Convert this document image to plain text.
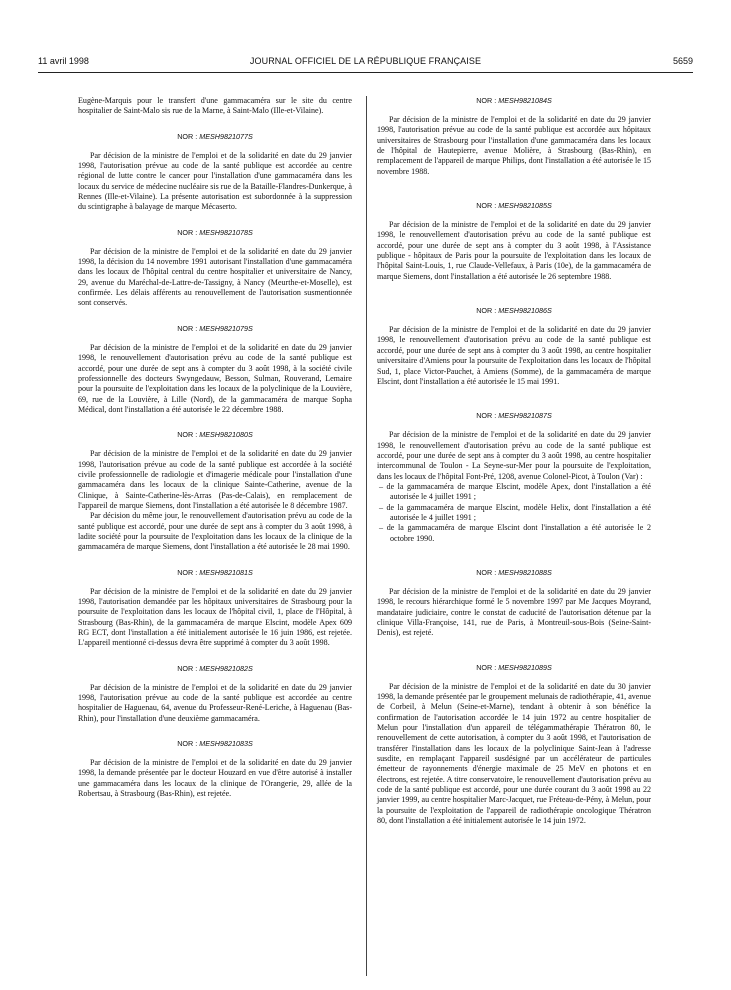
11 avril 1998	JOURNAL OFFICIEL DE LA RÉPUBLIQUE FRANÇAISE	5659

Eugène-Marquis pour le transfert d'une gammacaméra sur le site du centre hospitalier de Saint-Malo sis rue de la Marne, à Saint-Malo (Ille-et-Vilaine).

NOR : MESH9821077S

Par décision de la ministre de l'emploi et de la solidarité en date du 29 janvier 1998, l'autorisation prévue au code de la santé publique est accordée au centre régional de lutte contre le cancer pour l'installation d'une gammacaméra dans les locaux du service de médecine nucléaire sis rue de la Bataille-Flandres-Dunkerque, à Rennes (Ille-et-Vilaine). La présente autorisation est subordonnée à la suppression du scintigraphe à balayage de marque Mécaserto.

NOR : MESH9821078S

Par décision de la ministre de l'emploi et de la solidarité en date du 29 janvier 1998, la décision du 14 novembre 1991 autorisant l'installation d'une gammacaméra dans les locaux de l'hôpital central du centre hospitalier et universitaire de Nancy, 29, avenue du Maréchal-de-Lattre-de-Tassigny, à Nancy (Meurthe-et-Moselle), est confirmée. Les délais afférents au renouvellement de l'autorisation susmentionnée sont conservés.

NOR : MESH9821079S

Par décision de la ministre de l'emploi et de la solidarité en date du 29 janvier 1998, le renouvellement d'autorisation prévu au code de la santé publique est accordé, pour une durée de sept ans à compter du 3 août 1998, à la société civile professionnelle des docteurs Swyngedauw, Besson, Sulman, Rouverand, Lemaire pour la poursuite de l'exploitation dans les locaux de la polyclinique de la Louvière, 69, rue de la Louvière, à Lille (Nord), de la gammacaméra de marque Sopha Médical, dont l'installation a été autorisée le 22 décembre 1988.

NOR : MESH9821080S

Par décision de la ministre de l'emploi et de la solidarité en date du 29 janvier 1998, l'autorisation prévue au code de la santé publique est accordée à la société civile professionnelle de radiologie et d'imagerie médicale pour l'installation d'une gammacaméra dans les locaux de la clinique Sainte-Catherine, avenue de la Clinique, à Sainte-Catherine-lès-Arras (Pas-de-Calais), en remplacement de l'appareil de marque Siemens, dont l'installation a été autorisée le 8 décembre 1987.

Par décision du même jour, le renouvellement d'autorisation prévu au code de la santé publique est accordé, pour une durée de sept ans à compter du 3 août 1998, à ladite société pour la poursuite de l'exploitation dans les locaux de la clinique de la gammacaméra de marque Siemens, dont l'installation a été autorisée le 28 mai 1990.

NOR : MESH9821081S

Par décision de la ministre de l'emploi et de la solidarité en date du 29 janvier 1998, l'autorisation demandée par les hôpitaux universitaires de Strasbourg pour la poursuite de l'exploitation dans les locaux de l'hôpital civil, 1, place de l'Hôpital, à Strasbourg (Bas-Rhin), de la gammacaméra de marque Elscint, modèle Apex 609 RG ECT, dont l'installation a été initialement autorisée le 16 juin 1986, est rejetée. L'appareil mentionné ci-dessus devra être supprimé à compter du 3 août 1998.

NOR : MESH9821082S

Par décision de la ministre de l'emploi et de la solidarité en date du 29 janvier 1998, l'autorisation prévue au code de la santé publique est accordée au centre hospitalier de Haguenau, 64, avenue du Professeur-René-Leriche, à Haguenau (Bas-Rhin), pour l'installation d'une deuxième gammacaméra.

NOR : MESH9821083S

Par décision de la ministre de l'emploi et de la solidarité en date du 29 janvier 1998, la demande présentée par le docteur Houzard en vue d'être autorisé à installer une gammacaméra dans les locaux de la clinique de l'Orangerie, 29, allée de la Robertsau, à Strasbourg (Bas-Rhin), est rejetée.

NOR : MESH9821084S

Par décision de la ministre de l'emploi et de la solidarité en date du 29 janvier 1998, l'autorisation prévue au code de la santé publique est accordée aux hôpitaux universitaires de Strasbourg pour l'installation d'une gammacaméra dans les locaux de l'hôpital de Hautepierre, avenue Molière, à Strasbourg (Bas-Rhin), en remplacement de l'appareil de marque Philips, dont l'installation a été autorisée le 15 novembre 1988.

NOR : MESH9821085S

Par décision de la ministre de l'emploi et de la solidarité en date du 29 janvier 1998, le renouvellement d'autorisation prévu au code de la santé publique est accordé, pour une durée de sept ans à compter du 3 août 1998, à l'Assistance publique - hôpitaux de Paris pour la poursuite de l'exploitation dans les locaux de l'hôpital Saint-Louis, 1, rue Claude-Vellefaux, à Paris (10e), de la gammacaméra de marque Siemens, dont l'installation a été autorisée le 26 septembre 1988.

NOR : MESH9821086S

Par décision de la ministre de l'emploi et de la solidarité en date du 29 janvier 1998, le renouvellement d'autorisation prévu au code de la santé publique est accordé, pour une durée de sept ans à compter du 3 août 1998, au centre hospitalier universitaire d'Amiens pour la poursuite de l'exploitation dans les locaux de l'hôpital Sud, 1, place Victor-Pauchet, à Amiens (Somme), de la gammacaméra de marque Elscint, dont l'installation a été autorisée le 15 mai 1991.

NOR : MESH9821087S

Par décision de la ministre de l'emploi et de la solidarité en date du 29 janvier 1998, le renouvellement d'autorisation prévu au code de la santé publique est accordé, pour une durée de sept ans à compter du 3 août 1998, au centre hospitalier intercommunal de Toulon - La Seyne-sur-Mer pour la poursuite de l'exploitation, dans les locaux de l'hôpital Font-Pré, 1208, avenue Colonel-Picot, à Toulon (Var) :

– de la gammacaméra de marque Elscint, modèle Apex, dont l'installation a été autorisée le 4 juillet 1991 ;
– de la gammacaméra de marque Elscint, modèle Helix, dont l'installation a été autorisée le 4 juillet 1991 ;
– de la gammacaméra de marque Elscint dont l'installation a été autorisée le 2 octobre 1990.
NOR : MESH9821088S

Par décision de la ministre de l'emploi et de la solidarité en date du 29 janvier 1998, le recours hiérarchique formé le 5 novembre 1997 par Me Jacques Moyrand, mandataire judiciaire, contre le constat de caducité de l'autorisation détenue par la clinique Villa-Françoise, 141, rue de Paris, à Montreuil-sous-Bois (Seine-Saint-Denis), est rejeté.

NOR : MESH9821089S

Par décision de la ministre de l'emploi et de la solidarité en date du 30 janvier 1998, la demande présentée par le groupement melunais de radiothérapie, 41, avenue de Corbeil, à Melun (Seine-et-Marne), tendant à obtenir à son bénéfice la confirmation de l'autorisation accordée le 14 juin 1972 au centre hospitalier de Melun pour l'installation d'un appareil de télégammathérapie Thératron 80, le renouvellement de cette autorisation, à compter du 3 août 1998, et l'autorisation de transférer l'installation dans les locaux de la polyclinique Saint-Jean à l'adresse susdite, en remplaçant l'appareil susdésigné par un accélérateur de particules émetteur de rayonnements d'énergie maximale de 25 MeV en photons et en électrons, est rejetée. A titre conservatoire, le renouvellement d'autorisation prévu au code de la santé publique est accordé, pour une durée courant du 3 août 1998 au 22 janvier 1999, au centre hospitalier Marc-Jacquet, rue Fréteau-de-Pény, à Melun, pour la poursuite de l'exploitation de l'appareil de radiothérapie oncologique Thératron 80, dont l'installation a été initialement autorisée le 14 juin 1972.
